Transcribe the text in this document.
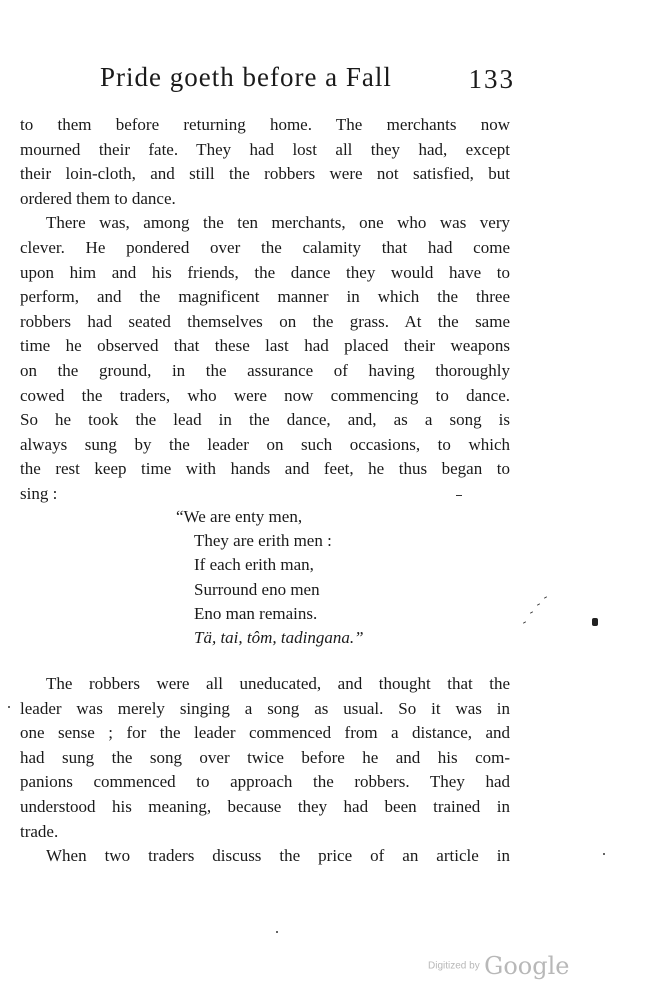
Pride goeth before a Fall	133
to them before returning home. The merchants now
mourned their fate. They had lost all they had, except
their loin-cloth, and still the robbers were not satisfied, but
ordered them to dance.
There was, among the ten merchants, one who was very
clever. He pondered over the calamity that had come
upon him and his friends, the dance they would have to
perform, and the magnificent manner in which the three
robbers had seated themselves on the grass. At the same
time he observed that these last had placed their weapons
on the ground, in the assurance of having thoroughly
cowed the traders, who were now commencing to dance.
So he took the lead in the dance, and, as a song is
always sung by the leader on such occasions, to which
the rest keep time with hands and feet, he thus began to
sing :
“We are enty men,
They are erith men :
If each erith man,
Surround eno men
Eno man remains.
Tä, tai, tôm, tadingana.”
The robbers were all uneducated, and thought that the
leader was merely singing a song as usual. So it was in
one sense ; for the leader commenced from a distance, and
had sung the song over twice before he and his com-
panions commenced to approach the robbers. They had
understood his meaning, because they had been trained in
trade.
When two traders discuss the price of an article in
Digitized by Google
